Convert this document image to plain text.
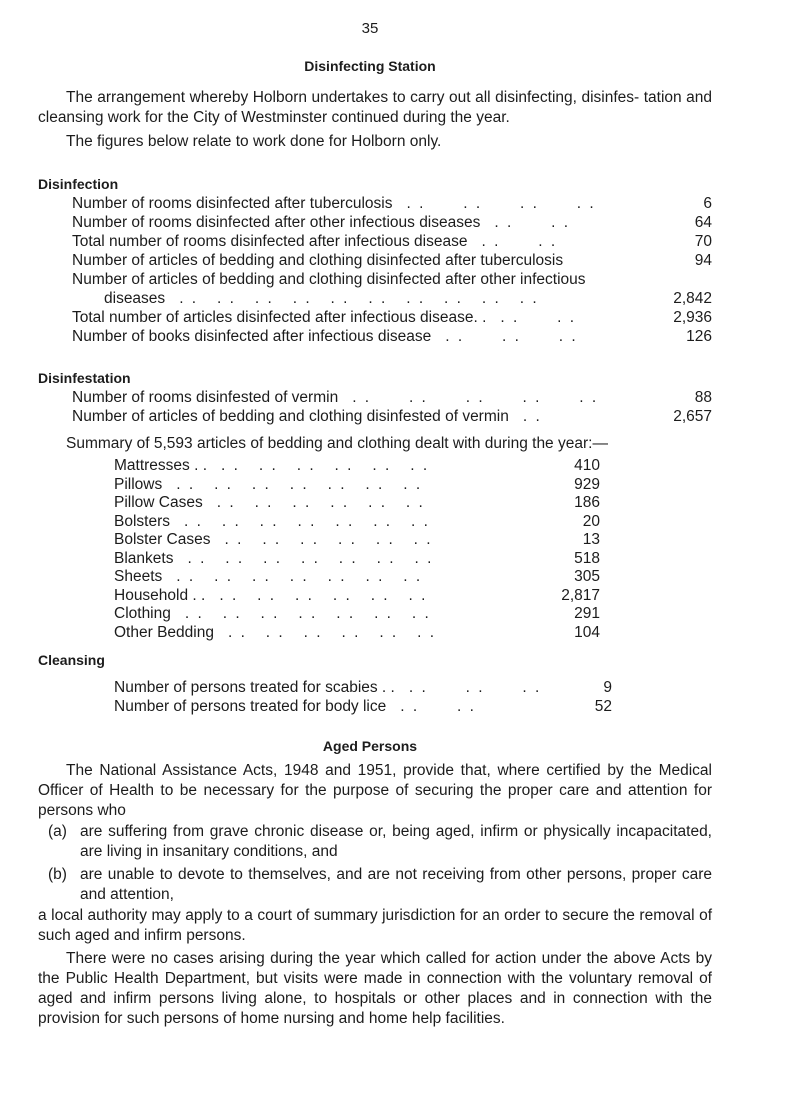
35
Disinfecting Station
The arrangement whereby Holborn undertakes to carry out all disinfecting, disinfes- tation and cleansing work for the City of Westminster continued during the year.
The figures below relate to work done for Holborn only.
Disinfection
Number of rooms disinfected after tuberculosis . .      . .      . .      . .	6
Number of rooms disinfected after other infectious diseases . .      . .	64
Total number of rooms disinfected after infectious disease . .      . .	70
Number of articles of bedding and clothing disinfected after tuberculosis	94
Number of articles of bedding and clothing disinfected after other infectious
diseases . .   . .   . .   . .   . .   . .   . .   . .   . .   . .	2,842
Total number of articles disinfected after infectious disease. . . .      . .	2,936
Number of books disinfected after infectious disease . .      . .      . .	126
Disinfestation
Number of rooms disinfested of vermin . .      . .      . .      . .      . .	88
Number of articles of bedding and clothing disinfested of vermin . .	2,657
Summary of 5,593 articles of bedding and clothing dealt with during the year:—
Mattresses . . . .   . .   . .   . .   . .   . .	410
Pillows . .   . .   . .   . .   . .   . .   . .	929
Pillow Cases . .   . .   . .   . .   . .   . .	186
Bolsters . .   . .   . .   . .   . .   . .   . .	20
Bolster Cases . .   . .   . .   . .   . .   . .	13
Blankets . .   . .   . .   . .   . .   . .   . .	518
Sheets . .   . .   . .   . .   . .   . .   . .	305
Household . . . .   . .   . .   . .   . .   . .	2,817
Clothing . .   . .   . .   . .   . .   . .   . .	291
Other Bedding . .   . .   . .   . .   . .   . .	104
Cleansing
Number of persons treated for scabies . . . .      . .      . .	9
Number of persons treated for body lice . .      . .	52
Aged Persons
The National Assistance Acts, 1948 and 1951, provide that, where certified by the Medical Officer of Health to be necessary for the purpose of securing the proper care and attention for persons who
(a) are suffering from grave chronic disease or, being aged, infirm or physically incapacitated, are living in insanitary conditions, and
(b) are unable to devote to themselves, and are not receiving from other persons, proper care and attention,
a local authority may apply to a court of summary jurisdiction for an order to secure the removal of such aged and infirm persons.
There were no cases arising during the year which called for action under the above Acts by the Public Health Department, but visits were made in connection with the voluntary removal of aged and infirm persons living alone, to hospitals or other places and in connection with the provision for such persons of home nursing and home help facilities.
